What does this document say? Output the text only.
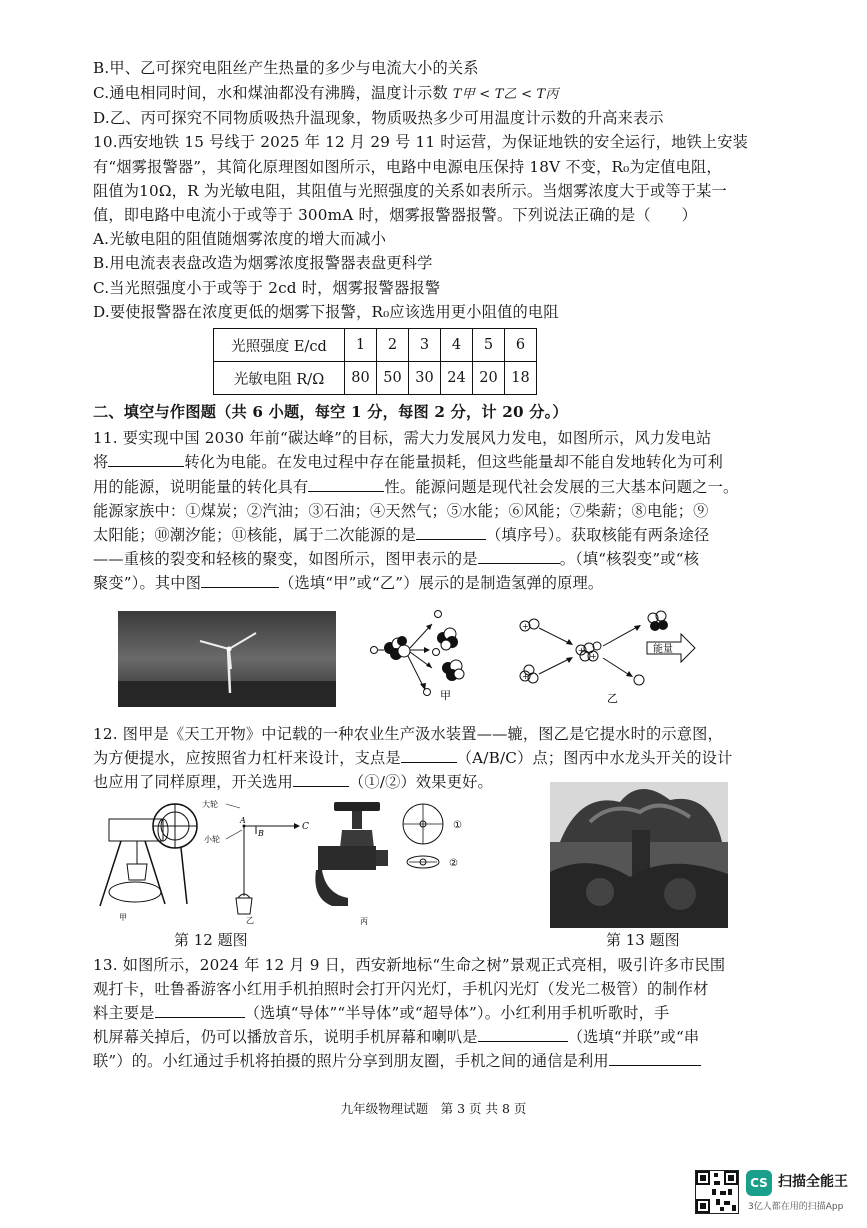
B.甲、乙可探究电阻丝产生热量的多少与电流大小的关系
C.通电相同时间，水和煤油都没有沸腾，温度计示数 T甲 < T乙 < T丙
D.乙、丙可探究不同物质吸热升温现象，物质吸热多少可用温度计示数的升高来表示
10.西安地铁 15 号线于 2025 年 12 月 29 号 11 时运营，为保证地铁的安全运行，地铁上安装
有“烟雾报警器”，其简化原理图如图所示，电路中电源电压保持 18V 不变，R₀为定值电阻，
阻值为10Ω，R 为光敏电阻，其阻值与光照强度的关系如表所示。当烟雾浓度大于或等于某一
值，即电路中电流小于或等于 300mA 时，烟雾报警器报警。下列说法正确的是（　　）
A.光敏电阻的阻值随烟雾浓度的增大而减小
B.用电流表表盘改造为烟雾浓度报警器表盘更科学
C.当光照强度小于或等于 2cd 时，烟雾报警器报警
D.要使报警器在浓度更低的烟雾下报警，R₀应该选用更小阻值的电阻
光照强度 E/cd	1	2	3	4	5	6
光敏电阻 R/Ω	80	50	30	24	20	18
二、填空与作图题（共 6 小题，每空 1 分，每图 2 分，计 20 分。）
11. 要实现中国 2030 年前“碳达峰”的目标，需大力发展风力发电，如图所示，风力发电站
将	转化为电能。在发电过程中存在能量损耗，但这些能量却不能自发地转化为可利
用的能源，说明能量的转化具有	性。能源问题是现代社会发展的三大基本问题之一。
能源家族中：①煤炭；②汽油；③石油；④天然气；⑤水能；⑥风能；⑦柴薪；⑧电能；⑨
太阳能；⑩潮汐能；⑪核能，属于二次能源的是	（填序号）。获取核能有两条途径
——重核的裂变和轻核的聚变，如图所示，图甲表示的是	。（填“核裂变”或“核
聚变”）。其中图	（选填“甲”或“乙”）展示的是制造氢弹的原理。
甲
+
+
+
+
能量
乙
12. 图甲是《天工开物》中记载的一种农业生产汲水装置——辘，图乙是它提水时的示意图，
为方便提水，应按照省力杠杆来设计，支点是	（A/B/C）点；图丙中水龙头开关的设计
也应用了同样原理，开关选用	（①/②）效果更好。
甲
大轮
小轮
A
B
C
乙	丙
①
②
第 12 题图	第 13 题图
13. 如图所示，2024 年 12 月 9 日，西安新地标“生命之树”景观正式亮相，吸引许多市民围
观打卡，吐鲁番游客小红用手机拍照时会打开闪光灯，手机闪光灯（发光二极管）的制作材
料主要是	（选填“导体”“半导体”或“超导体”）。小红利用手机听歌时，手
机屏幕关掉后，仍可以播放音乐，说明手机屏幕和喇叭是	（选填“并联”或“串
联”）的。小红通过手机将拍摄的照片分享到朋友圈，手机之间的通信是利用
九年级物理试题　第 3 页 共 8 页
CS 扫描全能王
3亿人都在用的扫描App
